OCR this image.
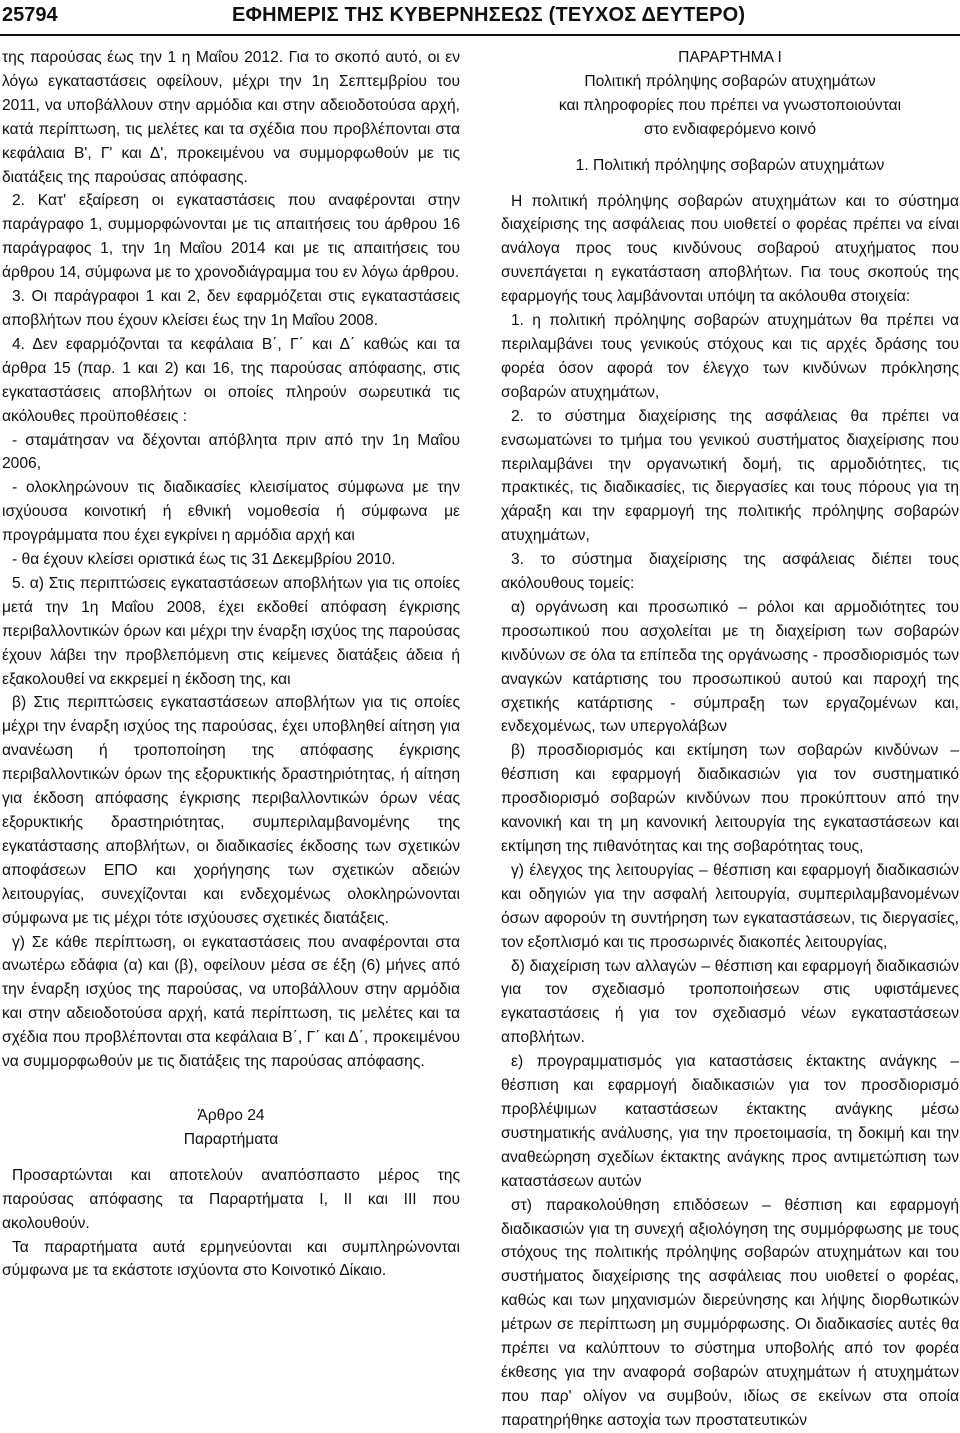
25794	ΕΦΗΜΕΡΙΣ ΤΗΣ ΚΥΒΕΡΝΗΣΕΩΣ (ΤΕΥΧΟΣ ΔΕΥΤΕΡΟ)

της παρούσας έως την 1 η Μαΐου 2012. Για το σκοπό αυτό, οι εν λόγω εγκαταστάσεις οφείλουν, μέχρι την 1η Σεπτεμβρίου του 2011, να υποβάλλουν στην αρμόδια και στην αδειοδοτούσα αρχή, κατά περίπτωση, τις μελέτες και τα σχέδια που προβλέπονται στα κεφάλαια Β', Γ' και Δ', προκειμένου να συμμορφωθούν με τις διατάξεις της παρούσας απόφασης.

2. Κατ' εξαίρεση οι εγκαταστάσεις που αναφέρονται στην παράγραφο 1, συμμορφώνονται με τις απαιτήσεις του άρθρου 16 παράγραφος 1, την 1η Μαΐου 2014 και με τις απαιτήσεις του άρθρου 14, σύμφωνα με το χρονοδιάγραμμα του εν λόγω άρθρου.

3. Οι παράγραφοι 1 και 2, δεν εφαρμόζεται στις εγκαταστάσεις αποβλήτων που έχουν κλείσει έως την 1η Μαΐου 2008.

4. Δεν εφαρμόζονται τα κεφάλαια Β΄, Γ΄ και Δ΄ καθώς και τα άρθρα 15 (παρ. 1 και 2) και 16, της παρούσας απόφασης, στις εγκαταστάσεις αποβλήτων οι οποίες πληρούν σωρευτικά τις ακόλουθες προϋποθέσεις :

- σταμάτησαν να δέχονται απόβλητα πριν από την 1η Μαΐου 2006,

- ολοκληρώνουν τις διαδικασίες κλεισίματος σύμφωνα με την ισχύουσα κοινοτική ή εθνική νομοθεσία ή σύμφωνα με προγράμματα που έχει εγκρίνει η αρμόδια αρχή και

- θα έχουν κλείσει οριστικά έως τις 31 Δεκεμβρίου 2010.

5. α) Στις περιπτώσεις εγκαταστάσεων αποβλήτων για τις οποίες μετά την 1η Μαΐου 2008, έχει εκδοθεί απόφαση έγκρισης περιβαλλοντικών όρων και μέχρι την έναρξη ισχύος της παρούσας έχουν λάβει την προβλεπόμενη στις κείμενες διατάξεις άδεια ή εξακολουθεί να εκκρεμεί η έκδοση της, και

β) Στις περιπτώσεις εγκαταστάσεων αποβλήτων για τις οποίες μέχρι την έναρξη ισχύος της παρούσας, έχει υποβληθεί αίτηση για ανανέωση ή τροποποίηση της απόφασης έγκρισης περιβαλλοντικών όρων της εξορυκτικής δραστηριότητας, ή αίτηση για έκδοση απόφασης έγκρισης περιβαλλοντικών όρων νέας εξορυκτικής δραστηριότητας, συμπεριλαμβανομένης της εγκατάστασης αποβλήτων, οι διαδικασίες έκδοσης των σχετικών αποφάσεων ΕΠΟ και χορήγησης των σχετικών αδειών λειτουργίας, συνεχίζονται και ενδεχομένως ολοκληρώνονται σύμφωνα με τις μέχρι τότε ισχύουσες σχετικές διατάξεις.

γ) Σε κάθε περίπτωση, οι εγκαταστάσεις που αναφέρονται στα ανωτέρω εδάφια (α) και (β), οφείλουν μέσα σε έξη (6) μήνες από την έναρξη ισχύος της παρούσας, να υποβάλλουν στην αρμόδια και στην αδειοδοτούσα αρχή, κατά περίπτωση, τις μελέτες και τα σχέδια που προβλέπονται στα κεφάλαια Β΄, Γ΄ και Δ΄, προκειμένου να συμμορφωθούν με τις διατάξεις της παρούσας απόφασης.

Άρθρο 24

Παραρτήματα

Προσαρτώνται και αποτελούν αναπόσπαστο μέρος της παρούσας απόφασης τα Παραρτήματα Ι, ΙΙ και ΙΙΙ που ακολουθούν.

Τα παραρτήματα αυτά ερμηνεύονται και συμπληρώνονται σύμφωνα με τα εκάστοτε ισχύοντα στο Κοινοτικό Δίκαιο.

ΠΑΡΑΡΤΗΜΑ Ι

Πολιτική πρόληψης σοβαρών ατυχημάτων

και πληροφορίες που πρέπει να γνωστοποιούνται

στο ενδιαφερόμενο κοινό

1. Πολιτική πρόληψης σοβαρών ατυχημάτων

Η πολιτική πρόληψης σοβαρών ατυχημάτων και το σύστημα διαχείρισης της ασφάλειας που υιοθετεί ο φορέας πρέπει να είναι ανάλογα προς τους κινδύνους σοβαρού ατυχήματος που συνεπάγεται η εγκατάσταση αποβλήτων. Για τους σκοπούς της εφαρμογής τους λαμβάνονται υπόψη τα ακόλουθα στοιχεία:

1. η πολιτική πρόληψης σοβαρών ατυχημάτων θα πρέπει να περιλαμβάνει τους γενικούς στόχους και τις αρχές δράσης του φορέα όσον αφορά τον έλεγχο των κινδύνων πρόκλησης σοβαρών ατυχημάτων,

2. το σύστημα διαχείρισης της ασφάλειας θα πρέπει να ενσωματώνει το τμήμα του γενικού συστήματος διαχείρισης που περιλαμβάνει την οργανωτική δομή, τις αρμοδιότητες, τις πρακτικές, τις διαδικασίες, τις διεργασίες και τους πόρους για τη χάραξη και την εφαρμογή της πολιτικής πρόληψης σοβαρών ατυχημάτων,

3. το σύστημα διαχείρισης της ασφάλειας διέπει τους ακόλουθους τομείς:

α) οργάνωση και προσωπικό – ρόλοι και αρμοδιότητες του προσωπικού που ασχολείται με τη διαχείριση των σοβαρών κινδύνων σε όλα τα επίπεδα της οργάνωσης - προσδιορισμός των αναγκών κατάρτισης του προσωπικού αυτού και παροχή της σχετικής κατάρτισης - σύμπραξη των εργαζομένων και, ενδεχομένως, των υπεργολάβων

β) προσδιορισμός και εκτίμηση των σοβαρών κινδύνων – θέσπιση και εφαρμογή διαδικασιών για τον συστηματικό προσδιορισμό σοβαρών κινδύνων που προκύπτουν από την κανονική και τη μη κανονική λειτουργία της εγκαταστάσεων και εκτίμηση της πιθανότητας και της σοβαρότητας τους,

γ) έλεγχος της λειτουργίας – θέσπιση και εφαρμογή διαδικασιών και οδηγιών για την ασφαλή λειτουργία, συμπεριλαμβανομένων όσων αφορούν τη συντήρηση των εγκαταστάσεων, τις διεργασίες, τον εξοπλισμό και τις προσωρινές διακοπές λειτουργίας,

δ) διαχείριση των αλλαγών – θέσπιση και εφαρμογή διαδικασιών για τον σχεδιασμό τροποποιήσεων στις υφιστάμενες εγκαταστάσεις ή για τον σχεδιασμό νέων εγκαταστάσεων αποβλήτων.

ε) προγραμματισμός για καταστάσεις έκτακτης ανάγκης – θέσπιση και εφαρμογή διαδικασιών για τον προσδιορισμό προβλέψιμων καταστάσεων έκτακτης ανάγκης μέσω συστηματικής ανάλυσης, για την προετοιμασία, τη δοκιμή και την αναθεώρηση σχεδίων έκτακτης ανάγκης προς αντιμετώπιση των καταστάσεων αυτών

στ) παρακολούθηση επιδόσεων – θέσπιση και εφαρμογή διαδικασιών για τη συνεχή αξιολόγηση της συμμόρφωσης με τους στόχους της πολιτικής πρόληψης σοβαρών ατυχημάτων και του συστήματος διαχείρισης της ασφάλειας που υιοθετεί ο φορέας, καθώς και των μηχανισμών διερεύνησης και λήψης διορθωτικών μέτρων σε περίπτωση μη συμμόρφωσης. Οι διαδικασίες αυτές θα πρέπει να καλύπτουν το σύστημα υποβολής από τον φορέα έκθεσης για την αναφορά σοβαρών ατυχημάτων ή ατυχημάτων που παρ' ολίγον να συμβούν, ιδίως σε εκείνων στα οποία παρατηρήθηκε αστοχία των προστατευτικών
